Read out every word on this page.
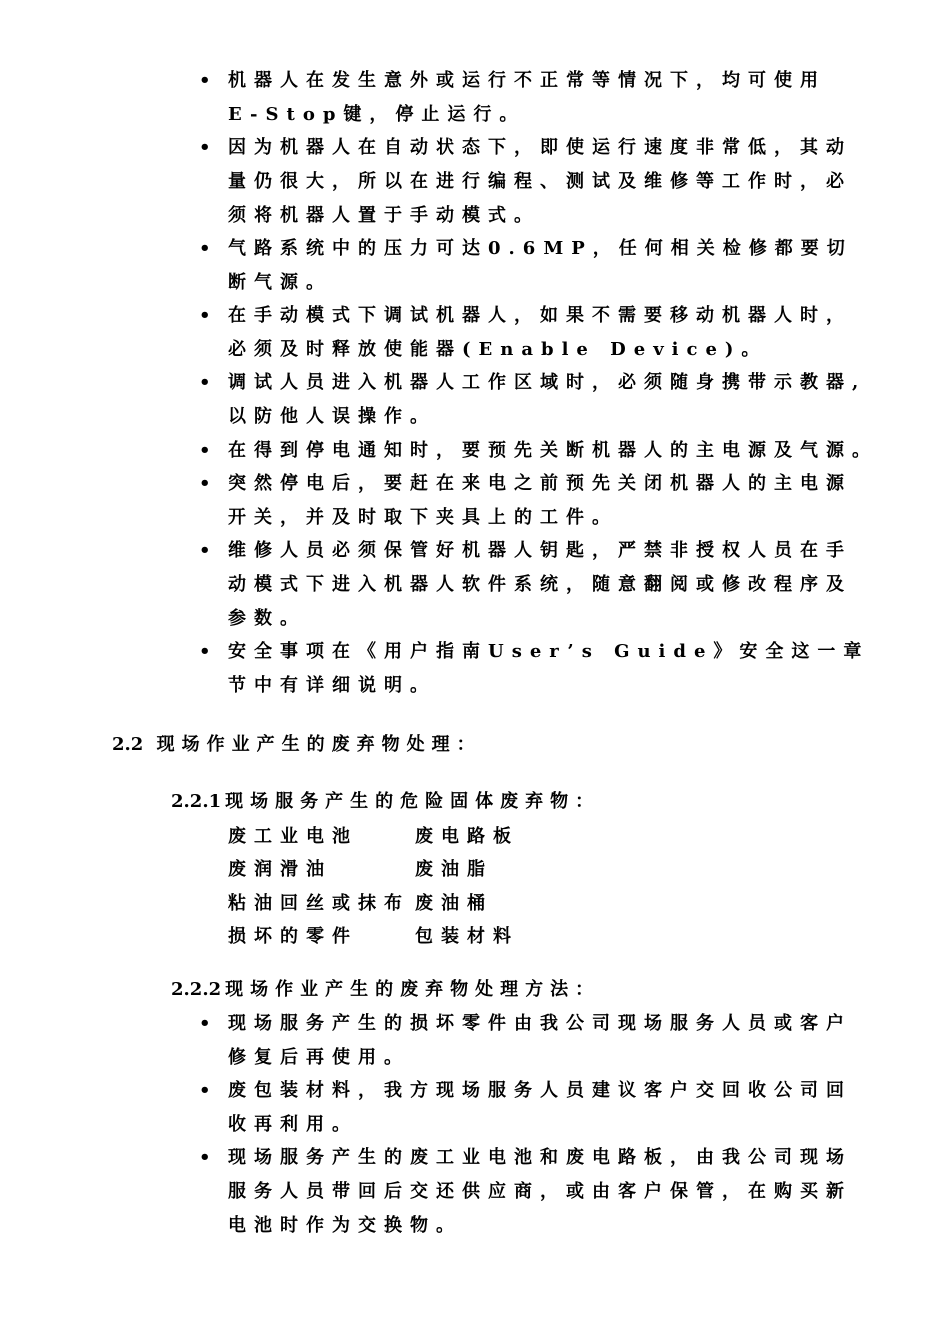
• 机器人在发生意外或运行不正常等情况下，均可使用
E-Stop键，停止运行。
• 因为机器人在自动状态下，即使运行速度非常低，其动
量仍很大，所以在进行编程、测试及维修等工作时，必
须将机器人置于手动模式。
• 气路系统中的压力可达0.6MP，任何相关检修都要切
断气源。
• 在手动模式下调试机器人，如果不需要移动机器人时，
必须及时释放使能器(Enable Device)。
• 调试人员进入机器人工作区域时，必须随身携带示教器,
以防他人误操作。
• 在得到停电通知时，要预先关断机器人的主电源及气源。
• 突然停电后，要赶在来电之前预先关闭机器人的主电源
开关，并及时取下夹具上的工件。
• 维修人员必须保管好机器人钥匙，严禁非授权人员在手
动模式下进入机器人软件系统，随意翻阅或修改程序及
参数。
• 安全事项在《用户指南User’s Guide》安全这一章
节中有详细说明。
2.2 现场作业产生的废弃物处理：
2.2.1 现场服务产生的危险固体废弃物：
废工业电池	废电路板
废润滑油	废油脂
粘油回丝或抹布	废油桶
损坏的零件	包装材料
2.2.2 现场作业产生的废弃物处理方法：
• 现场服务产生的损坏零件由我公司现场服务人员或客户
修复后再使用。
• 废包装材料，我方现场服务人员建议客户交回收公司回
收再利用。
• 现场服务产生的废工业电池和废电路板，由我公司现场
服务人员带回后交还供应商，或由客户保管，在购买新
电池时作为交换物。
